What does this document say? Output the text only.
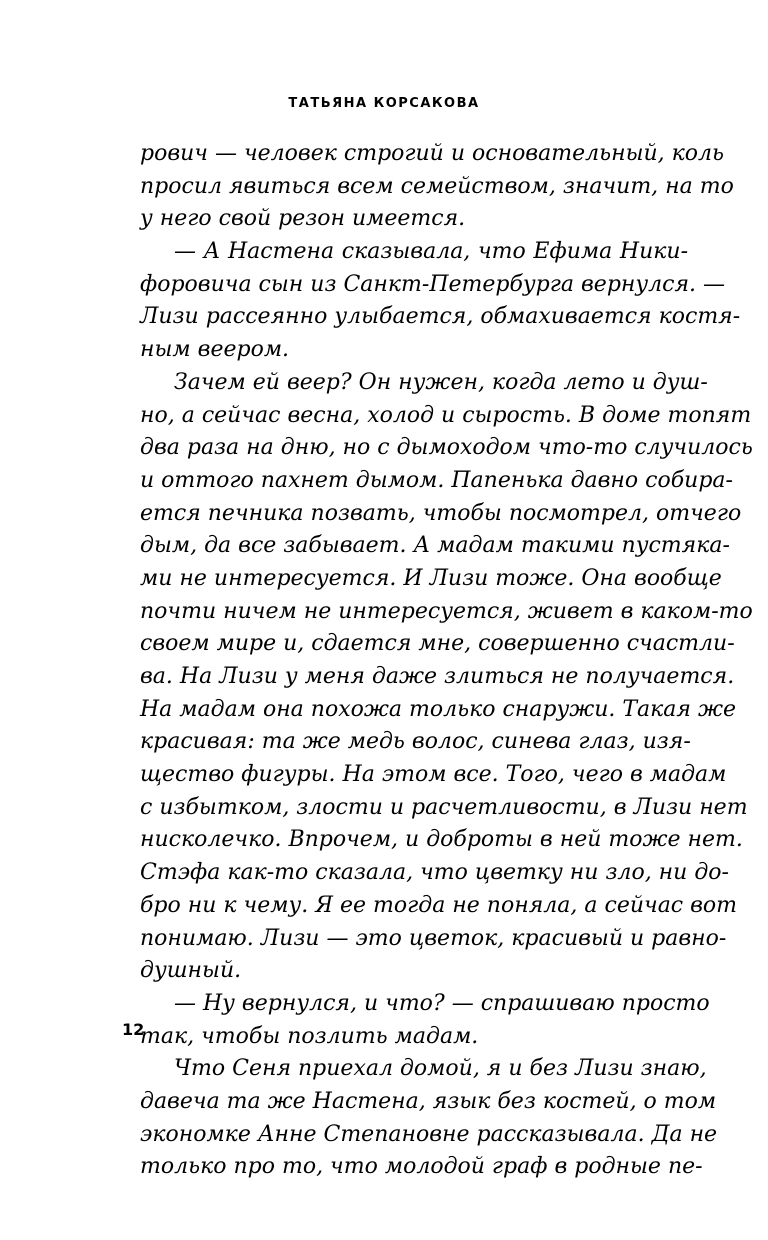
ТАТЬЯНА КОРСАКОВА
рович — человек строгий и основательный, коль
просил явиться всем семейством, значит, на то
у него свой резон имеется.
— А Настена сказывала, что Ефима Ники-
форовича сын из Санкт-Петербурга вернулся. —
Лизи рассеянно улыбается, обмахивается костя-
ным веером.
Зачем ей веер? Он нужен, когда лето и душ-
но, а сейчас весна, холод и сырость. В доме топят
два раза на дню, но с дымоходом что-то случилось
и оттого пахнет дымом. Папенька давно собира-
ется печника позвать, чтобы посмотрел, отчего
дым, да все забывает. А мадам такими пустяка-
ми не интересуется. И Лизи тоже. Она вообще
почти ничем не интересуется, живет в каком-то
своем мире и, сдается мне, совершенно счастли-
ва. На Лизи у меня даже злиться не получается.
На мадам она похожа только снаружи. Такая же
красивая: та же медь волос, синева глаз, изя-
щество фигуры. На этом все. Того, чего в мадам
с избытком, злости и расчетливости, в Лизи нет
нисколечко. Впрочем, и доброты в ней тоже нет.
Стэфа как-то сказала, что цветку ни зло, ни до-
бро ни к чему. Я ее тогда не поняла, а сейчас вот
понимаю. Лизи — это цветок, красивый и равно-
душный.
— Ну вернулся, и что? — спрашиваю просто
так, чтобы позлить мадам.
Что Сеня приехал домой, я и без Лизи знаю,
давеча та же Настена, язык без костей, о том
экономке Анне Степановне рассказывала. Да не
только про то, что молодой граф в родные пе-
12
